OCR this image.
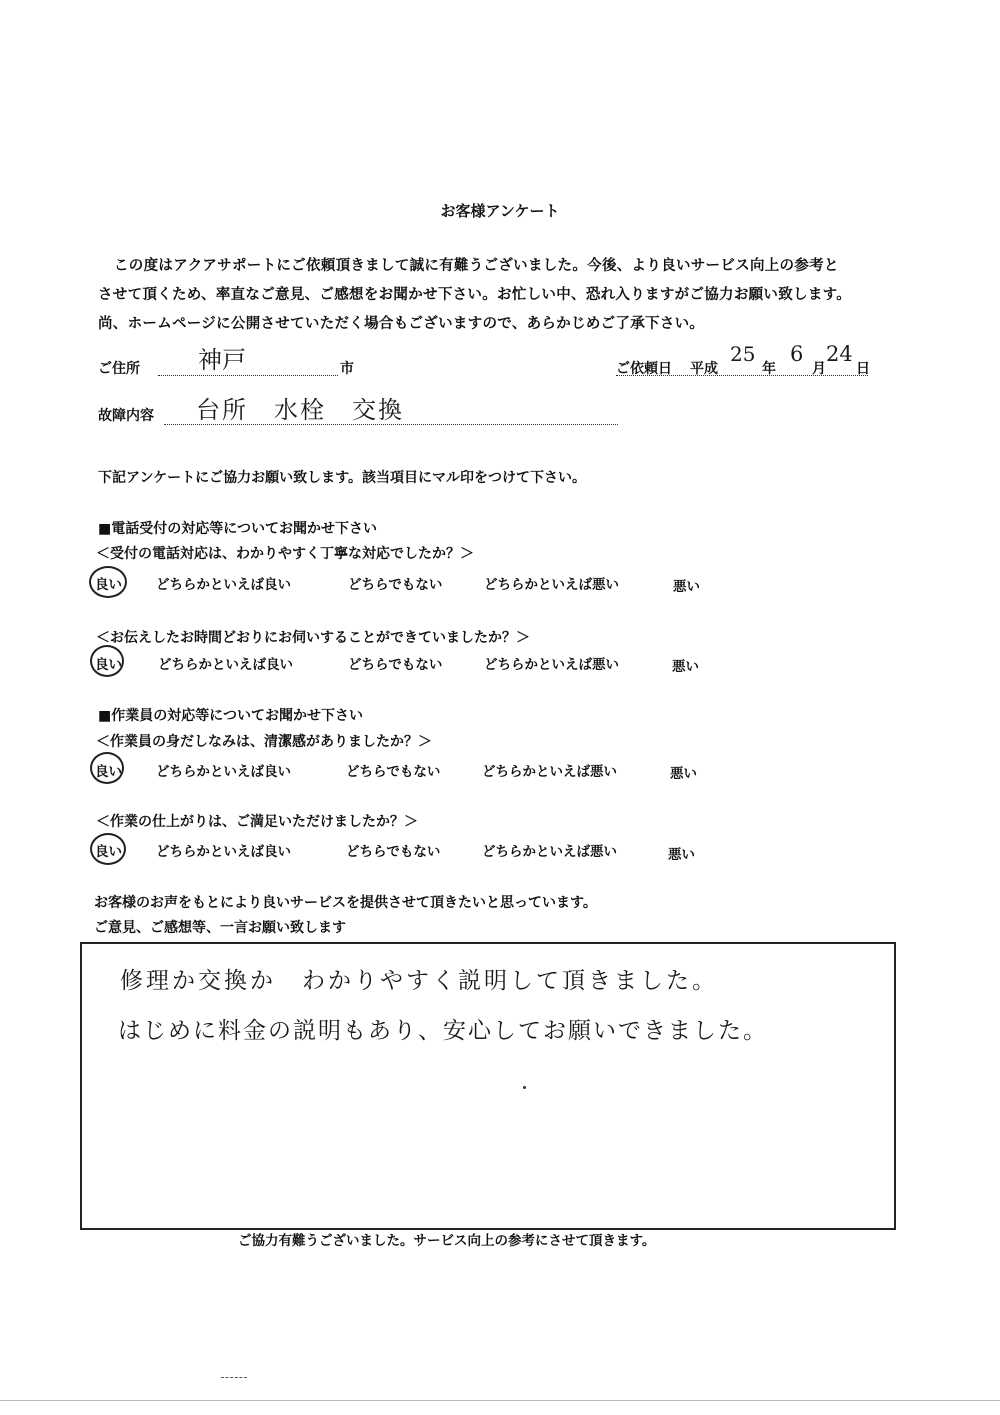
お客様アンケート
この度はアクアサポートにご依頼頂きまして誠に有難うございました。今後、より良いサービス向上の参考と
させて頂くため、率直なご意見、ご感想をお聞かせ下さい。お忙しい中、恐れ入りますがご協力お願い致します。
尚、ホームページに公開させていただく場合もございますので、あらかじめご了承下さい。
ご住所 神戸	市	ご依頼日 平成
25
年
6
月
24
日
故障内容 台所　水栓　交換
下記アンケートにご協力お願い致します。該当項目にマル印をつけて下さい。
■電話受付の対応等についてお聞かせ下さい
＜受付の電話対応は、わかりやすく丁寧な対応でしたか？＞
良い	どちらかといえば良い	どちらでもない	どちらかといえば悪い	悪い
＜お伝えしたお時間どおりにお伺いすることができていましたか？＞
良い	どちらかといえば良い	どちらでもない	どちらかといえば悪い	悪い
■作業員の対応等についてお聞かせ下さい
＜作業員の身だしなみは、清潔感がありましたか？＞
良い	どちらかといえば良い	どちらでもない	どちらかといえば悪い	悪い
＜作業の仕上がりは、ご満足いただけましたか？＞
良い	どちらかといえば良い	どちらでもない	どちらかといえば悪い	悪い
お客様のお声をもとにより良いサービスを提供させて頂きたいと思っています。
ご意見、ご感想等、一言お願い致します
修理か交換か　わかりやすく説明して頂きました。
はじめに料金の説明もあり、安心してお願いできました。
ご協力有難うございました。サービス向上の参考にさせて頂きます。
